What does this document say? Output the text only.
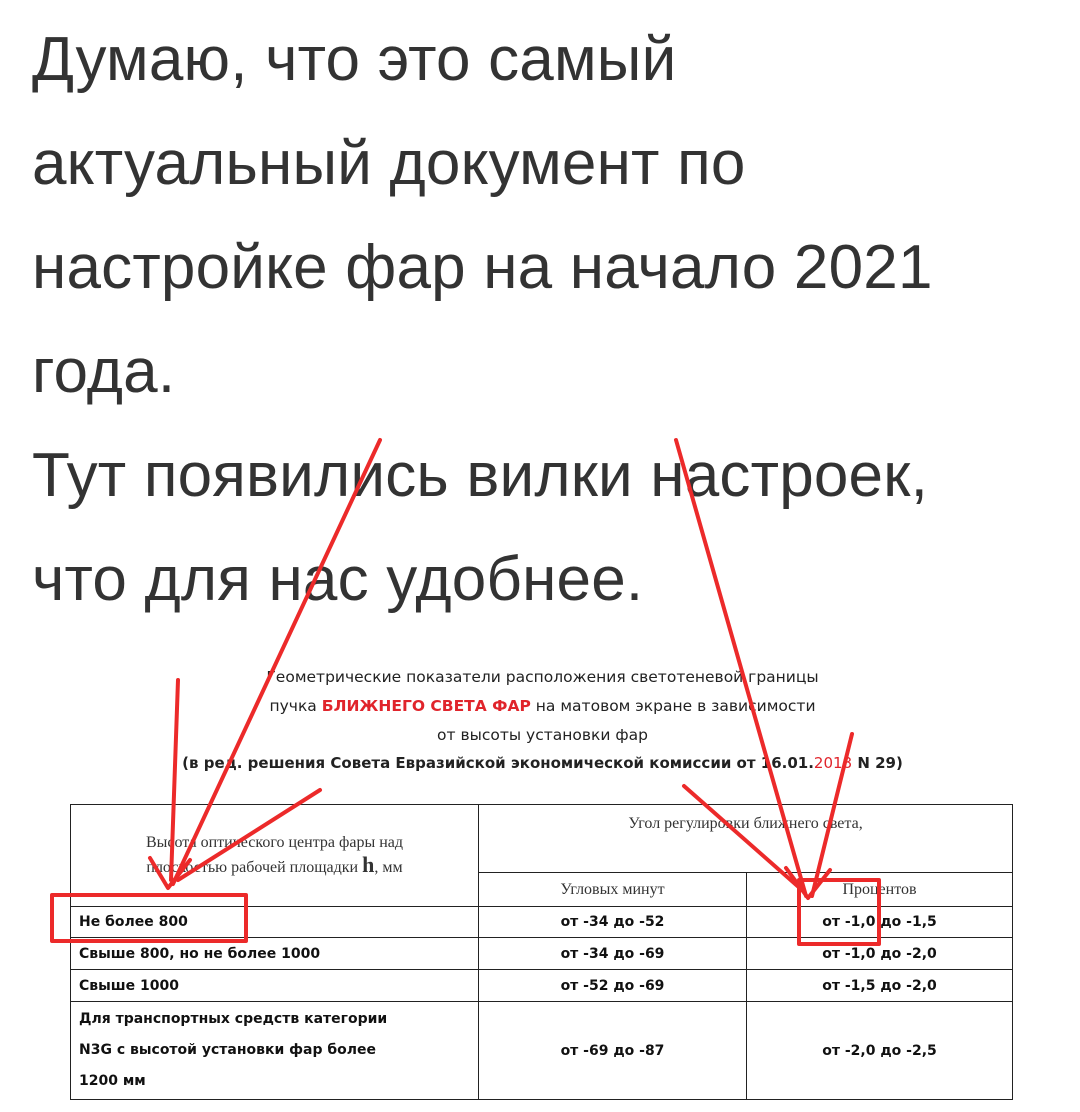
Думаю, что это самый
актуальный документ по
настройке фар на начало 2021
года.
Тут появились вилки настроек,
что для нас удобнее.
Геометрические показатели расположения светотеневой границы
пучка БЛИЖНЕГО СВЕТА ФАР на матовом экране в зависимости
от высоты установки фар
(в ред. решения Совета Евразийской экономической комиссии от 16.01.2018 N 29)
Высота оптического центра фары над
плоскостью рабочей площадки h, мм	Угол регулировки ближнего света,	
	Угловых минут	Процентов
Не более 800	от -34 до -52	от -1,0 до -1,5
Свыше 800, но не более 1000	от -34 до -69	от -1,0 до -2,0
Свыше 1000	от -52 до -69	от -1,5 до -2,0

Для транспортных средств категории
N3G с высотой установки фар более
1200 мм	от -69 до -87	от -2,0 до -2,5
